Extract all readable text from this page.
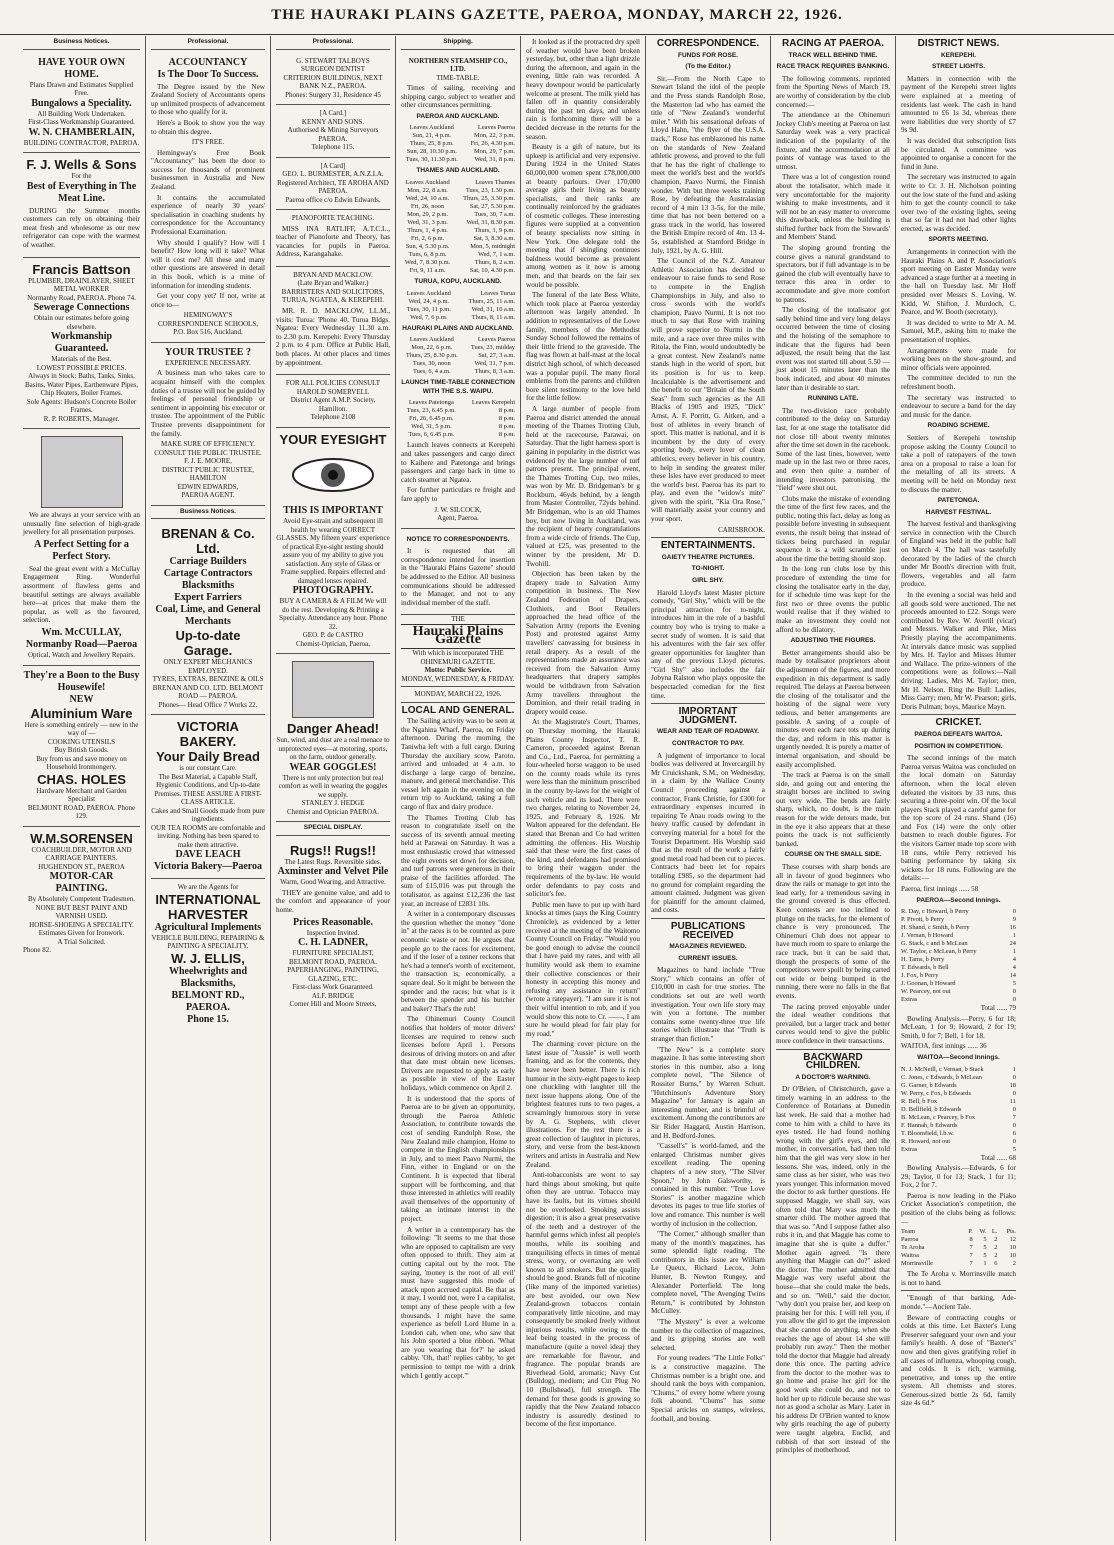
THE HAURAKI PLAINS GAZETTE, PAEROA, MONDAY, MARCH 22, 1926.
Business Notices.
HAVE YOUR OWN HOME.
Plans Drawn and Estimates Supplied Free.
Bungalows a Speciality.
All Building Work Undertaken.
First-Class Workmanship Guaranteed.
W. N. CHAMBERLAIN,
BUILDING CONTRACTOR, PAEROA.
F. J. Wells & Sons
For the
Best of Everything in The Meat Line.

DURING the Summer months customers can rely on obtaining their meat fresh and wholesome as our new refrigerator can cope with the warmest of weather.

Francis Battson
PLUMBER, DRAINLAYER, SHEET METAL WORKER
Normanby Road, PAEROA. Phone 74.
Sewerage Connections
Obtain our estimates before going elsewhere.
Workmanship Guaranteed.
Materials of the Best.
LOWEST POSSIBLE PRICES.
Always in Stock: Baths, Tanks, Sinks, Basins, Water Pipes, Earthenware Pipes, Chip Heaters, Boiler Frames.
Sole Agents: Hudson's Concrete Boiler Frames.
R. P. ROBERTS, Manager.

We are always at your service with an unusually fine selection of high-grade jewellery for all presentation purposes.

A Perfect Setting for a Perfect Story.

Seal the great event with a McCullay Engagement Ring. Wonderful assortment of flawless gems and beautiful settings are always available here—at prices that make them the popular, as well as the favoured, selection.

Wm. McCULLAY,
Normanby Road—Paeroa
Optical, Watch and Jewellery Repairs.
They're a Boon to the Busy Housewife!
NEW
Aluminium Ware
Here is something entirely — new in the way of —
COOKING UTENSILS
Buy British Goods.
Buy from us and save money on Household Ironmongery.
CHAS. HOLES
Hardware Merchant and Garden Specialist
BELMONT ROAD, PAEROA. Phone 129.
W.M.SORENSEN
COACHBUILDER, MOTOR AND CARRIAGE PAINTERS. HUGHENDON ST., PAEROA
MOTOR-CAR PAINTING.
By Absolutely Competent Tradesmen.
NONE BUT BEST PAINT AND VARNISH USED.
HORSE-SHOEING A SPECIALITY.
Estimates Given for Ironwork.
A Trial Solicited.
Phone 82.
Professional.
ACCOUNTANCY
Is The Door To Success.

The Degree issued by the New Zealand Society of Accountants opens up unlimited prospects of advancement to those who qualify for it.

Here's a Book to show you the way to obtain this degree.

IT'S FREE.

Hemingway's Free Book "Accountancy" has been the door to success for thousands of prominent businessmen in Australia and New Zealand.

It contains the accumulated experience of nearly 30 years' specialisation in coaching students by correspondence for the Accountancy Professional Examination.

Why should I qualify? How will I benefit? How long will it take? What will it cost me? All these and many other questions are answered in detail in this book, which is a mine of information for intending students.

Get your copy yet? If not, write at once to—

HEMINGWAY'S CORRESPONDENCE SCHOOLS,
P.O. Box 516, Auckland.
YOUR TRUSTEE ?
EXPERIENCE NECESSARY.

A business man who takes care to acquaint himself with the complex duties of a trustee will not be guided by feelings of personal friendship or sentiment in appointing his executor or trustee. The appointment of the Public Trustee prevents disappointment for the family.

MAKE SURE OF EFFICIENCY.
CONSULT THE PUBLIC TRUSTEE.
F. J. E. MOORE,
DISTRICT PUBLIC TRUSTEE, HAMILTON
EDWIN EDWARDS,
PAEROA AGENT.
Business Notices.
BRENAN & Co. Ltd.
Carriage Builders
Cartage Contractors
Blacksmiths
Expert Farriers
Coal, Lime, and General Merchants
Up-to-date Garage.
ONLY EXPERT MECHANICS EMPLOYED.
TYRES, EXTRAS, BENZINE & OILS
BRENAN AND CO. LTD. BELMONT ROAD — PAEROA.
Phones— Head Office 7 Works 22.
VICTORIA BAKERY.
Your Daily Bread
is our constant Care.
The Best Material, a Capable Staff, Hygienic Conditions, and Up-to-date Premises. THESE ASSURE A FIRST-CLASS ARTICLE.
Cakes and Small Goods made from pure ingredients.
OUR TEA ROOMS are comfortable and inviting. Nothing has been spared to make them attractive.
DAVE LEACH
Victoria Bakery—Paeroa
We are the Agents for
INTERNATIONAL HARVESTER
Agricultural Implements
VEHICLE BUILDING, REPAIRING & PAINTING A SPECIALITY.
W. J. ELLIS,
Wheelwrights and Blacksmiths,
BELMONT RD., PAEROA.
Phone 15.
Professional.
G. STEWART TALBOYS
SURGEON DENTIST
CRITERION BUILDINGS, NEXT BANK N.Z., PAEROA.
Phones: Surgery 31, Residence 45
[A Card.]
KENNY AND SONS.
Authorised & Mining Surveyors PAEROA.
Telephone 115.
[A Card]
GEO. L. BURMESTER, A.N.Z.I.A.
Registered Architect, TE AROHA AND PAEROA.
Paeroa office c/o Edwin Edwards.
PIANOFORTE TEACHING.

MISS INA RATLIFF, A.T.C.L., teacher of Pianoforte and Theory, has vacancies for pupils in Paeroa. Address, Karangahake.

BRYAN AND MACKLOW.
(Late Bryan and Walker.) BARRISTERS AND SOLICITORS, TURUA, NGATEA, & KEREPEHI.

MR. R. D. MACKLOW, LL.M., visits: Turua: 'Phone 40, Turua Bldgs. Ngatea: Every Wednesday 11.30 a.m. to 2.30 p.m. Kerepehi: Every Thursday 2 p.m. to 4 p.m. Office at Public Hall, both places. At other places and times by appointment.

FOR ALL POLICIES CONSULT
HAROLD SOMERVELL
District Agent A.M.P. Society, Hamilton.
Telephone 2108
YOUR EYESIGHT
THIS IS IMPORTANT
Avoid Eye-strain and subsequent ill health by wearing CORRECT GLASSES. My fifteen years' experience of practical Eye-sight testing should assure you of my ability to give you satisfaction. Any style of Glass or Frame supplied. Repairs effected and damaged lenses repaired.
PHOTOGRAPHY.
BUY A CAMERA & A FILM We will do the rest. Developing & Printing a Specialty. Attendance any hour. Phone 32.
GEO. P. de CASTRO
Chemist-Optician, Paeroa,
Danger Ahead!
Sun, wind, and dust are a real menace to unprotected eyes—at motoring, sports, on the farm, outdoor generally.
WEAR GOGGLES!
There is not only protection but real comfort as well in wearing the goggles we supply.
STANLEY J. HEDGE
Chemist and Optician PAEROA.
SPECIAL DISPLAY.
Rugs!! Rugs!!
The Latest Rugs. Reversible sides.
Axminster and Velvet Pile
Warm, Good Wearing, and Attractive.

THEY are genuine value, and add to the comfort and appearance of your home.

Prices Reasonable.
Inspection Invited.
C. H. LADNER,
FURNITURE SPECIALIST, BELMONT ROAD, PAEROA.
PAPERHANGING, PAINTING, GLAZING, ETC.
First-class Work Guaranteed.
ALF. BRIDGE
Corner Hill and Moore Streets,
Shipping.
NORTHERN STEAMSHIP CO., LTD.
TIME-TABLE.

Times of sailing, receiving and shipping cargo, subject to weather and other circumstances permitting.

PAEROA AND AUCKLAND.
Leaves Auckland	Leaves Paeroa
Sun, 21, 4 p.m.	Mon, 22, 3 p.m.
Thurs, 25, 8 p.m.	Fri, 26, 4.30 p.m.
Sun, 28, 10.30 p.m.	Mon, 29, 7 p.m.
Tues, 30, 11.30 p.m.	Wed, 31, 8 p.m.
THAMES AND AUCKLAND.
Leaves Auckland	Leaves Thames
Mon, 22, 8 a.m.	Tues, 23, 1.30 p.m.
Wed, 24, 10 a.m.	Thurs, 25, 3.30 p.m.
Fri, 26, noon	Sat, 27, 5.30 p.m.
Mon, 29, 2 p.m.	Tues, 30, 7 a.m.
Wed, 31, 3 p.m.	Wed, 31, 8.30 p.m.
Thurs, 1, 4 p.m.	Thurs, 1, 9 p.m.
Fri, 2, 6 p.m.	Sat, 3, 8.30 a.m.
Sun, 4, 5.30 p.m.	Mon, 5, midnight
Tues, 6, 8 p.m.	Wed, 7, 1 a.m.
Wed, 7, 8.30 p.m.	Thurs, 8, 2 a.m.
Fri, 9, 11 a.m.	Sat, 10, 4.30 p.m.
TURUA, KOPU, AUCKLAND.
Leaves Auckland	Leaves Turua
Wed, 24, 4 p.m.	Thurs, 25, 11 a.m.
Tues, 30, 11 p.m.	Wed, 31, 10 a.m.
Wed, 7, 6 p.m.	Thurs, 8, 11 a.m.
HAURAKI PLAINS AND AUCKLAND.
Leaves Auckland	Leaves Paeroa
Mon, 22, 6 p.m.	Tues, 23, midday
Thurs, 25, 8.30 p.m.	Sat, 27, 3 a.m.
Tues, 30, noon	Wed, 31, 7 p.m.
Tues, 6, 4 a.m.	Thurs, 8, 3 a.m.
LAUNCH TIME-TABLE CONNECTION WITH THE S.S. WAIPU.
Leaves Patetonga	Leaves Kerepehi
Tues, 23, 6.45 p.m.	8 p.m.
Fri, 26, 6.45 p.m.	8 p.m.
Wed, 31, 5 p.m.	8 p.m.
Tues, 6, 6.45 p.m.	8 p.m.

Launch leaves connects at Kerepehi and takes passengers and cargo direct to Kaihere and Patetonga and brings passengers and cargo back in time to catch steamer at Ngatea.

For further particulars re freight and fare apply to

J. W. SILCOCK,
Agent, Paeroa.
NOTICE TO CORRESPONDENTS.

It is requested that all correspondence intended for insertion in the "Hauraki Plains Gazette" should be addressed to the Editor. All business communications should be addressed to the Manager, and not to any individual member of the staff.

THE
Hauraki Plains Gazette
With which is incorporated THE OHINEMURI GAZETTE.
Motto: Public Service.
MONDAY, WEDNESDAY, & FRIDAY.
MONDAY, MARCH 22, 1926.
LOCAL AND GENERAL.

The Sailing activity was to be seen at the Ngahina Wharf, Paeroa, on Friday afternoon. During the morning the Taniwha left with a full cargo. During Thursday the auxiliary scow, Paroto, arrived and unloaded at 4 a.m. to discharge a large cargo of benzine, manure, and general merchandise. This vessel left again in the evening on the return trip to Auckland, taking a full cargo of flax and dairy produce.

The Thames Trotting Club has reason to congratulate itself on the success of its seventh annual meeting held at Parawai on Saturday. It was a most enthusiastic crowd that witnessed the eight events set down for decision, and turf patrons were generous in their praise of the facilities afforded. The sum of £15,016 was put through the totalisator, as against £12,236 the last year, an increase of £2831 10s.

A writer in a contemporary discusses the question whether the money "done in" at the races is to be counted as pure economic waste or not. He argues that people go to the races for excitement, and if the loser of a tenner reckons that he's had a tenner's worth of excitement, the transaction is, economically, a square deal. So it might be between the spender and the races; but what is it between the spender and his butcher and baker? That's the rub!

The Ohinemuri County Council notifies that holders of motor drivers' licenses are required to renew such licenses before April 1. Persons desirous of driving motors on and after that date must obtain new licenses. Drivers are requested to apply as early as possible in view of the Easter holidays, which commence on April 2.

It is understood that the sports of Paeroa are to be given an opportunity, through the Paeroa Athletic Association, to contribute towards the cost of sending Randolph Rose, the New Zealand mile champion, Home to compete in the English championships in July, and to meet Paavo Nurmi, the Finn, either in England or on the Continent. It is expected that liberal support will be forthcoming, and that those interested in athletics will readily avail themselves of the opportunity of taking an intimate interest in the project.

A writer in a contemporary has the following: "It seems to me that those who are opposed to capitalism are very often opposed to thrift. They aim at cutting capital out by the root. The saying, 'money is the root of all evil' must have suggested this mode of attack upon accrued capital. Be that as it may, I would not, were I a capitalist, tempt any of these people with a few thousands. I might have the same experience as befell Lord Hume in a London cab, when one, who saw that his John sported a blue ribbon. 'What are you wearing that for?' he asked cabby. 'Oh, that!' replies cabby, 'to get permission to tempt me with a drink which I gently accept.'"

It looked as if the protracted dry spell of weather would have been broken yesterday, but, other than a light drizzle during the afternoon, and again in the evening, little rain was recorded. A heavy downpour would be particularly welcome at present. The milk yield has fallen off in quantity considerably during the past ten days, and unless rain is forthcoming there will be a decided decrease in the returns for the season.

Beauty is a gift of nature, but its upkeep is artificial and very expensive. During 1924 in the United States 60,000,000 women spent £78,000,000 at beauty parlours. Over 170,000 average girls their living as beauty specialists, and their ranks are continually reinforced by the graduates of cosmetic colleges. These interesting figures were supplied at a convention of beauty specialists now sitting in New York. One delegate told the meeting that if shingling continues baldness would become as prevalent among women as it now is among men, and that beards on the fair sex would be possible.

The funeral of the late Bess White, which took place at Paeroa yesterday afternoon was largely attended. In addition to representatives of the Lowe family, members of the Methodist Sunday School followed the remains of their little friend to the graveside. The flag was flown at half-mast at the local district high school, of which deceased was a popular pupil. The many floral emblems from the parents and children bore silent testimony to the love held for the little fellow.

A large number of people from Paeroa and district attended the annual meeting of the Thames Trotting Club, held at the racecourse, Parawai, on Saturday. That the light harness sport is gaining in popularity in the district was evidenced by the large number of turf patrons present. The principal event, the Thames Trotting Cup, two miles, was won by Mr. D. Bridgeman's br g Rockburn, 46yds behind, by a length from Master Controller, 72yds behind. Mr Bridgeman, who is an old Thames boy, but now living in Auckland, was the recipient of hearty congratulations from a wide circle of friends. The Cup, valued at £25, was presented to the winner by the president, Mr D. Twohill.

Objection has been taken by the drapery trade to Salvation Army competition in business. The New Zealand Federation of Drapers, Clothiers, and Boot Retailers approached the head office of the Salvation Army (reports the Evening Post) and protested against Army travellers' canvassing for business in retail drapery. As a result of the representations made an assurance was received from the Salvation Army headquarters that drapery samples would be withdrawn from Salvation Army travellers throughout the Dominion, and their retail trading in drapery would cease.

At the Magistrate's Court, Thames, on Thursday morning, the Hauraki Plains County Inspector, T. R. Cameron, proceeded against Brenan and Co., Ltd., Paeroa, for permitting a four-wheeled horse waggon to be used on the county roads while its tyres were less than the minimum prescribed in the county by-laws for the weight of such vehicle and its load. There were two charges, relating to November 24, 1925, and February 8, 1926. Mr Walton appeared for the defendant. He stated that Brenan and Co had written admitting the offences. His Worship said that these were the first cases of the kind, and defendants had promised to bring their waggon under the requirements of the by-law. He would order defendants to pay costs and solicitor's fee.

Public men have to put up with hard knocks at times (says the King Country Chronicle), as evidenced by a letter received at the meeting of the Waitomo County Council on Friday. "Would you be good enough to advise the council that I have paid my rates, and with all humility would ask them to examine their collective consciences or their honesty in accepting this money and refusing any assistance in return" (wrote a ratepayer). "I am sure it is not their wilful intention to rob, and if you would show this note to Cr. ——, I am sure he would plead for fair play for my road."

The charming cover picture on the latest issue of "Aussie" is well worth framing, and as for the contents, they have never been better. There is rich humour in the sixty-eight pages to keep one chuckling with laughter till the next issue happens along. One of the brightest features runs to two pages, a screamingly humorous story in verse by A. G. Stephens, with clever illustrations. For the rest there is a great collection of laughter in pictures, story, and verse from the best-known writers and artists in Australia and New Zealand.

Anti-tobacconists are wont to say hard things about smoking, but quite often they are untrue. Tobacco may have its faults, but its virtues should not be overlooked. Smoking assists digestion; it is also a great preservative of the teeth and a destroyer of the harmful germs which infest all people's mouths, while its soothing and tranquilising effects in times of mental stress, worry, or overtaxing are well known to all smokers. But the quality should be good. Brands full of nicotine (like many of the imported varieties) are best avoided, our own New Zealand-grown tobaccos contain comparatively little nicotine, and may consequently be smoked freely without injurious results, while owing to the leaf being toasted in the process of manufacture (quite a novel idea) they are remarkable for flavour, and fragrance. The popular brands are Riverhead Gold, aromatic; Navy Cut (Bulldog), medium; and Cut Plug No 10 (Bullshead), full strength. The demand for these goods is growing so rapidly that the New Zealand tobacco industry is assuredly destined to become of the first importance.

CORRESPONDENCE.
FUNDS FOR ROSE.
(To the Editor.)

Sir,—From the North Cape to Stewart Island the idol of the people and the Press stands Randolph Rose, the Masterton lad who has earned the title of "New Zealand's wonderful miler." With his sensational defeats of Lloyd Hahn, "the flyer of the U.S.A. track," Rose has emblazoned his name on the standards of New Zealand athletic prowess, and proved to the full that he has the right of challenge to meet the world's best and the world's champion, Paavo Nurmi, the Finnish wonder. With but three weeks training Rose, by defeating the Australasian record of 4 min 13 3-5s, for the mile, time that has not been bettered on a grass track in the world, has lowered the British Empire record of 4m. 13 4-5s, established at Stamford Bridge in July, 1921, by A. G. Hill.

The Council of the N.Z. Amateur Athletic Association has decided to endeavour to raise funds to send Rose to compete in the English Championships in July, and also to cross swords with the world's champion, Paavo Nurmi. It is not too much to say that Rose with training will prove superior to Nurmi in the mile, and a race over three miles with Ritola, the Finn, would undoubtedly be a great contest. New Zealand's name stands high in the world of sport, but its position is for us to keep. Incalculable is the advertisement and the benefit to our "Britain of the South Seas" from such agencies as the All Blacks of 1905 and 1925, "Dick" Arnst, A. F. Porritt, G. Aitken, and a host of athletes in every branch of sport. This matter is national, and it is incumbent by the duty of every sporting body, every lover of clean athletics, every believer in his country, to help in sending the greatest miler these Isles have ever produced to meet the world's best. Paeroa has its part to play, and even the "widow's mite" given with the spirit, "Kia Ora Rose," will materially assist your country and your sport.

CARISBROOK.
ENTERTAINMENTS.
GAIETY THEATRE PICTURES.
TO-NIGHT.
GIRL SHY.

Harold Lloyd's latest Master picture comedy, "Girl Shy," which will be the principal attraction for to-night, introduces him in the role of a bashful country boy who is trying to make a secret study of women. It is said that his adventures with the fair sex offer greater opportunities for laughter than any of the previous Lloyd pictures. "Girl Shy" also includes the fair Jobyna Ralston who plays opposite the bespectacled comedian for the first time.

IMPORTANT JUDGMENT.
WEAR AND TEAR OF ROADWAY.
CONTRACTOR TO PAY.

A judgment of importance to local bodies was delivered at Invercargill by Mr Cruickshank, S.M., on Wednesday, in a claim by the Wallace County Council proceeding against a contractor, Frank Christie, for £300 for extraordinary expenses incurred in repairing Te Anau roads owing to the heavy traffic caused by defendant in conveying material for a hotel for the Tourist Department. His Worship said that as the result of the work a fairly good metal road had been cut to pieces. Contracts had been let for repairs totalling £985, so the department had no ground for complaint regarding the amount claimed. Judgment was given for plaintiff for the amount claimed, and costs.

PUBLICATIONS RECEIVED
MAGAZINES REVIEWED.
CURRENT ISSUES.

Magazines to hand include "True Story," which contains an offer of £10,000 in cash for true stories. The conditions set out are well worth investigation. Your own life story may win you a fortune. The number contains some twenty-three true life stories which illustrate that "Truth is stranger than fiction."

"The New" is a complete story magazine. It has some interesting short stories in this number, also a long complete novel, "The Silence of Rossiter Burns," by Warren Schutt. "Hutchinson's Adventure Story Magazine" for January is again an interesting number, and is brimful of excitement. Among the contributors are Sir Rider Haggard, Austin Harrison, and H. Bedford-Jones.

"Cassell's" is world-famed, and the enlarged Christmas number gives excellent reading. The opening chapters of a new story, "The Silver Spoon," by John Galsworthy, is contained in this number. "True Love Stories" is another magazine which devotes its pages to true life stories of love and romance. This number is well worthy of inclusion in the collection.

"The Corner," although smaller than many of the month's magazines, has some splendid light reading. The contributors in this issue are William Le Queux, Richard Lecox, John Hunter, B. Newton Rungey, and Alexander Porterfield. The long complete novel, "The Avenging Twins Return," is contributed by Johnston McCulley.

"The Mystery" is ever a welcome number to the collection of magazines, and its gripping stories are well selected.

For young readers "The Little Folks" is a constructive magazine. The Christmas number is a bright one, and should rank the boys with companion, "Chums," of every home where young folk abound. "Chums" has some Special articles on stamps, wireless, football, and boxing.

RACING AT PAEROA.
TRACK WELL BEHIND TIME.
RACE TRACK REQUIRES BANKING.

The following comments, reprinted from the Sporting News of March 19, are worthy of consideration by the club concerned:—

The attendance at the Ohinemuri Jockey Club's meeting at Paeroa on last Saturday week was a very practical indication of the popularity of the fixture, and the accommodation at all points of vantage was taxed to the utmost.

There was a lot of congestion round about the totalisator, which made it very uncomfortable for the majority wishing to make investments, and it will not be an easy matter to overcome this drawback, unless the building is shifted further back from the Stewards' and Members' Stand.

The sloping ground fronting the course gives a natural grandstand to spectators, but if full advantage is to be gained the club will eventually have to terrace this area in order to accommodate and give more comfort to patrons.

The closing of the totalisator got sadly behind time and very long delays occurred between the time of closing and the hoisting of the semaphore to indicate that the figures had been adjusted, the result being that the last event was not started till about 5.50 — just about 15 minutes later than the book indicated, and about 40 minutes later than it desirable to start.

RUNNING LATE.

The two-division race probably contributed to the delay on Saturday last, for at one stage the totalisator did not close till about twenty minutes after the time set down in the racebook. Some of the last lines, however, were made up in the last two or three races, and even then quite a number of intending investors patronising the "field" were shut out.

Clubs make the mistake of extending the time of the first few races, and the public, noting this fact, delay as long as possible before investing in subsequent events, the result being that instead of tickets being purchased in regular sequence it is a wild scramble just about the time the betting should stop.

In the long run clubs lose by this procedure of extending the time for closing the totalisator early in the day, for if schedule time was kept for the first two or three events the public would realise that if they wished to make an investment they could not afford to be dilatory.

ADJUSTING THE FIGURES.

Better arrangements should also be made by totalisator proprietors about the adjustment of the figures, and more expedition in this department is sadly required. The delays at Paeroa between the closing of the totalisator and the hoisting of the signal were very tedious, and better arrangements are possible. A saving of a couple of minutes even each race tots up during the day, and reform in this matter is urgently needed. It is purely a matter of internal organisation, and should be easily accomplished.

The track at Paeroa is on the small side, and going out and entering the straight horses are inclined to swing out very wide. The bends are fairly sharp, which, no doubt, is the main reason for the wide detours made, but in the eye it also appears that at these points the track is not sufficiently banked.

COURSE ON THE SMALL SIDE.

These courses with sharp bends are all in favour of good beginners who draw the rails or manage to get into the lead early, for a tremendous saving in the ground covered is thus effected. Keen contests are too inclined to plunge on the tracks, for the element of chance is very pronounced. The Ohinemuri Club does not appear to have much room to spare to enlarge the race track, but it can be said that, though the prospects of some of the competitors were spoilt by being carted out wide or being bumped in the running, there were no falls in the flat events.

The racing proved enjoyable under the ideal weather conditions that prevailed, but a larger track and better curves would tend to give the public more confidence in their transactions.

BACKWARD CHILDREN.
A DOCTOR'S WARNING.

Dr O'Brien, of Christchurch, gave a timely warning in an address to the Conference of Rotarians at Dunedin last week. He said that a mother had come to him with a child to have its eyes tested. He had found nothing wrong with the girl's eyes, and the mother, in conversation, had then told him that the girl was very slow in her lessons. She was, indeed, only in the same class as her sister, who was two years younger. This information moved the doctor to ask further questions. He supposed Maggie, we shall say, was often told that Mary was much the smarter child. The mother agreed that that was so. "And I suppose father also rubs it in, and that Maggie has come to imagine that she is quite a duffer." Mother again agreed. "Is there anything that Maggie can do?" asked the doctor. The mother admitted that Maggie was very useful about the house—that she could make the beds, and so on. "Well," said the doctor, "why don't you praise her, and keep on praising her for this. I will tell you, if you allow the girl to get the impression that she cannot do anything, when she reaches the age of about 14 she will probably run away." Then the mother told the doctor that Maggie had already done this once. The parting advice from the doctor to the mother was to go home and praise her girl for the good work she could do, and not to hold her up to ridicule because she was not as good a scholar as Mary. Later in his address Dr O'Brien wanted to know why girls reaching the age of puberty were taught algebra, Euclid, and rubbish of that sort instead of the principles of motherhood.

DISTRICT NEWS.
KEREPEHI.
STREET LIGHTS.

Matters in connection with the payment of the Kerepehi street lights were explained at a meeting of residents last week. The cash in hand amounted to £6 1s 3d, whereas there were liabilities due very shortly of £7 9s 9d.

It was decided that subscription lists be circulated. A committee was appointed to organise a concert for the fund in June.

The secretary was instructed to again write to Cr. J. H. Nicholson pointing out the low state of the fund and asking him to get the county council to take over two of the existing lights, seeing that so far it had not had other lights erected, as was decided.

SPORTS MEETING.

Arrangements in connection with the Hauraki Plains A. and P. Association's sport meeting on Easter Monday were advanced a stage further at a meeting in the hall on Tuesday last. Mr Hoff presided over Messrs S. Loving, W. Kidd, W. Shifton, J. Murdoch, C. Pearce, and W. Booth (secretary).

It was decided to write to Mr A. M. Samuel, M.P., asking him to make the presentation of trophies.

Arrangements were made for working bees on the show-ground, and minor officials were appointed.

The committee decided to run the refreshment booth.

The secretary was instructed to endeavour to secure a band for the day and music for the dance.

ROADING SCHEME.

Settlers of Kerepehi township propose asking the County Council to take a poll of ratepayers of the town area on a proposal to raise a loan for the metalling of all its streets. A meeting will be held on Monday next to discuss the matter.

PATETONGA.
HARVEST FESTIVAL.

The harvest festival and thanksgiving service in connection with the Church of England was held in the public hall on March 4. The hall was tastefully decorated by the ladies of the church under Mr Booth's direction with fruit, flowers, vegetables and all farm produce.

In the evening a social was held and all goods sold were auctioned. The net proceeds amounted to £22. Songs were contributed by Rev. W. Averill (vicar) and Messrs. Walker and Pike, Miss Priestly playing the accompaniments. At intervals dance music was supplied by Mrs. H. Taylor and Misses Hunter and Wallace. The prize-winners of the competitions were as follows:—Nail driving: Ladies, Mrs M. Taylor; men, Mr H. Nelson. Ring the Bull: Ladies, Miss Garry; men, Mr W. Pearson; girls, Doris Pulman; boys, Maurice Mayn.

CRICKET.
PAEROA DEFEATS WAITOA.
POSITION IN COMPETITION.

The second innings of the match Paeroa versus Waitoa was concluded on the local domain on Saturday afternoon, when the local eleven defeated the visitors by 33 runs, thus securing a three-point win. Of the local players Stack played a careful game for the top score of 24 runs. Shand (16) and Fox (14) were the only other batsmen to reach double figures. For the visitors Garner made top score with 18 runs, while Perry retrieved his batting performance by taking six wickets for 18 runs. Following are the details:—

Paeroa, first innings ...... 58
PAEROA—Second Innings.
R. Day, c Howard, b Perry	0
P. Pivott, b Perry	9
H. Shand, c Smith, b Perry	16
J. Vernan, b Howard	1
G. Stack, c and b McLean	24
W. Taylor, c McLean, b Perry	1
H. Tams, b Perry	4
T. Edwards, b Bell	4
J. Fox, b Perry	14
J. Goonan, b Howard	5
W. Pearcey, not out	0
Extras	0
Total ...... 79

Bowling Analysis.—Perry, 6 for 18; McLean, 1 for 9; Howard, 2 for 19; Smith, 0 for 7; Bell, 1 for 18.

WAITOA, first innings ...... 36
WAITOA—Second Innings.
N. J. McNeill, c Vernan, b Stack	1
C. Jones, c Edwards, b McLean	0
G. Garner, b Edwards	18
W. Perry, c Fox, b Edwards	0
R. Bell, b Fox	11
D. Bellfield, b Edwards	0
B. McLean, c Pearcey, b Fox	7
F. Hannah, b Edwards	0
T. Bloomfield, l.b.w.	6
R. Howard, not out	0
Extras	5
Total ...... 68

Bowling Analysis.—Edwards, 6 for 29; Taylor, 0 for 13; Stack, 1 for 11; Fox, 2 for 7.

Paeroa is now leading in the Piako Cricket Association's competition, the position of the clubs being as follows:—

Team	P.	W.	L.	Pts.
Paeroa	8	5	2	12
Te Aroha	7	5	2	10
Waitoa	7	5	2	10
Morrinsville	7	1	6	2

The Te Aroha v. Morrinsville match is not to hand.

"Enough of that barking, Ade-monde."—Ancient Tale.

Beware of contracting coughs or colds at this time. Let Baxter's Lung Preserver safeguard your own and your family's health. A dose of "Baxter's" now and then gives gratifying relief in all cases of influenza, whooping cough, and colds. It is rich, warming, penetrative, and tones up the entire system. All chemists and stores. Generous-sized bottle 2s 6d, family size 4s 6d.*
